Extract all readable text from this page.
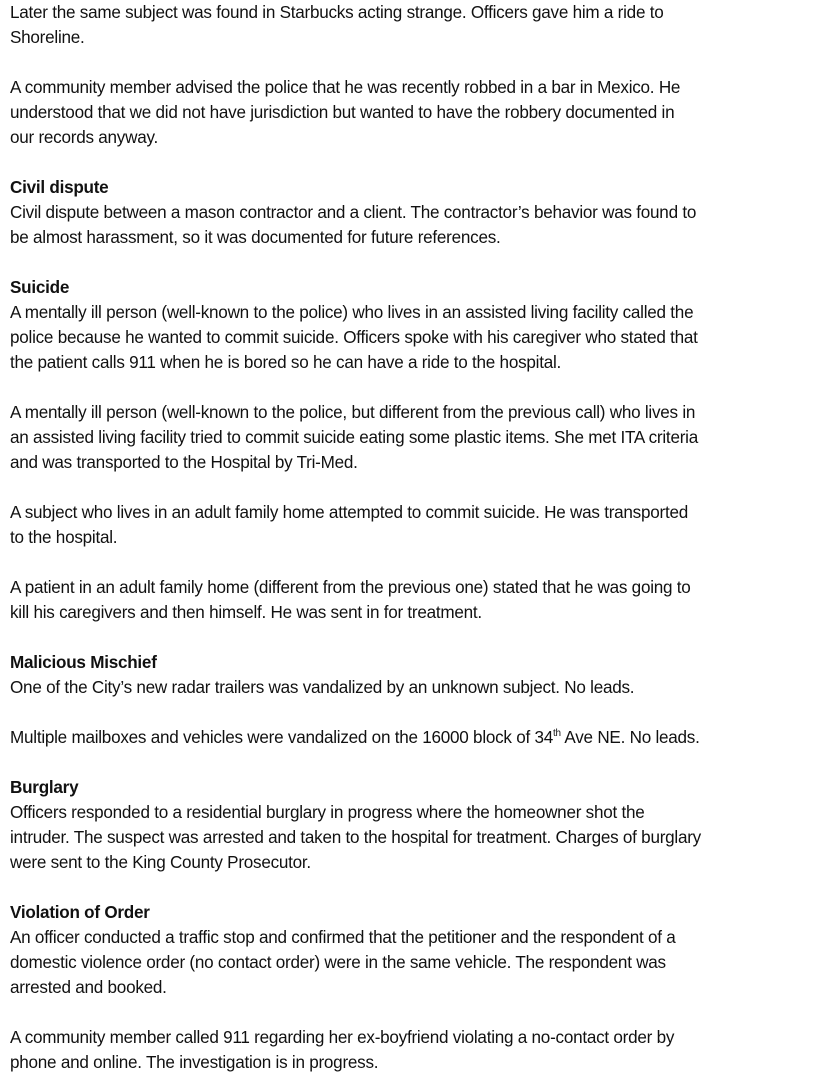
Later the same subject was found in Starbucks acting strange. Officers gave him a ride to
Shoreline.
A community member advised the police that he was recently robbed in a bar in Mexico. He
understood that we did not have jurisdiction but wanted to have the robbery documented in
our records anyway.
Civil dispute
Civil dispute between a mason contractor and a client. The contractor’s behavior was found to
be almost harassment, so it was documented for future references.
Suicide
A mentally ill person (well-known to the police) who lives in an assisted living facility called the
police because he wanted to commit suicide. Officers spoke with his caregiver who stated that
the patient calls 911 when he is bored so he can have a ride to the hospital.
A mentally ill person (well-known to the police, but different from the previous call) who lives in
an assisted living facility tried to commit suicide eating some plastic items. She met ITA criteria
and was transported to the Hospital by Tri-Med.
A subject who lives in an adult family home attempted to commit suicide. He was transported
to the hospital.
A patient in an adult family home (different from the previous one) stated that he was going to
kill his caregivers and then himself. He was sent in for treatment.
Malicious Mischief
One of the City’s new radar trailers was vandalized by an unknown subject. No leads.
Multiple mailboxes and vehicles were vandalized on the 16000 block of 34th Ave NE. No leads.
Burglary
Officers responded to a residential burglary in progress where the homeowner shot the
intruder. The suspect was arrested and taken to the hospital for treatment. Charges of burglary
were sent to the King County Prosecutor.
Violation of Order
An officer conducted a traffic stop and confirmed that the petitioner and the respondent of a
domestic violence order (no contact order) were in the same vehicle. The respondent was
arrested and booked.
A community member called 911 regarding her ex-boyfriend violating a no-contact order by
phone and online. The investigation is in progress.
